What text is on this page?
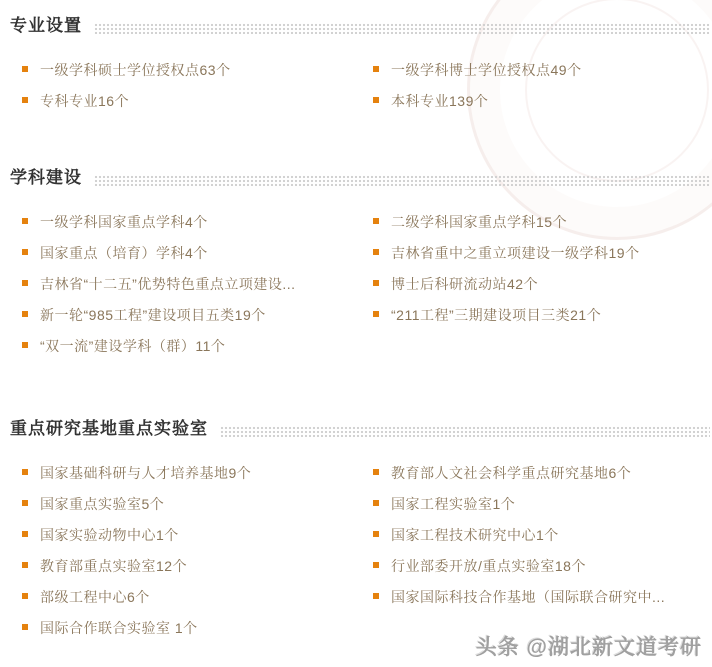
专业设置
一级学科硕士学位授权点63个
专科专业16个
一级学科博士学位授权点49个
本科专业139个
学科建设
一级学科国家重点学科4个
国家重点（培育）学科4个
吉林省“十二五”优势特色重点立项建设...
新一轮“985工程”建设项目五类19个
“双一流”建设学科（群）11个
二级学科国家重点学科15个
吉林省重中之重立项建设一级学科19个
博士后科研流动站42个
“211工程”三期建设项目三类21个
重点研究基地重点实验室
国家基础科研与人才培养基地9个
国家重点实验室5个
国家实验动物中心1个
教育部重点实验室12个
部级工程中心6个
国际合作联合实验室 1个
教育部人文社会科学重点研究基地6个
国家工程实验室1个
国家工程技术研究中心1个
行业部委开放/重点实验室18个
国家国际科技合作基地（国际联合研究中...
头条 @湖北新文道考研
